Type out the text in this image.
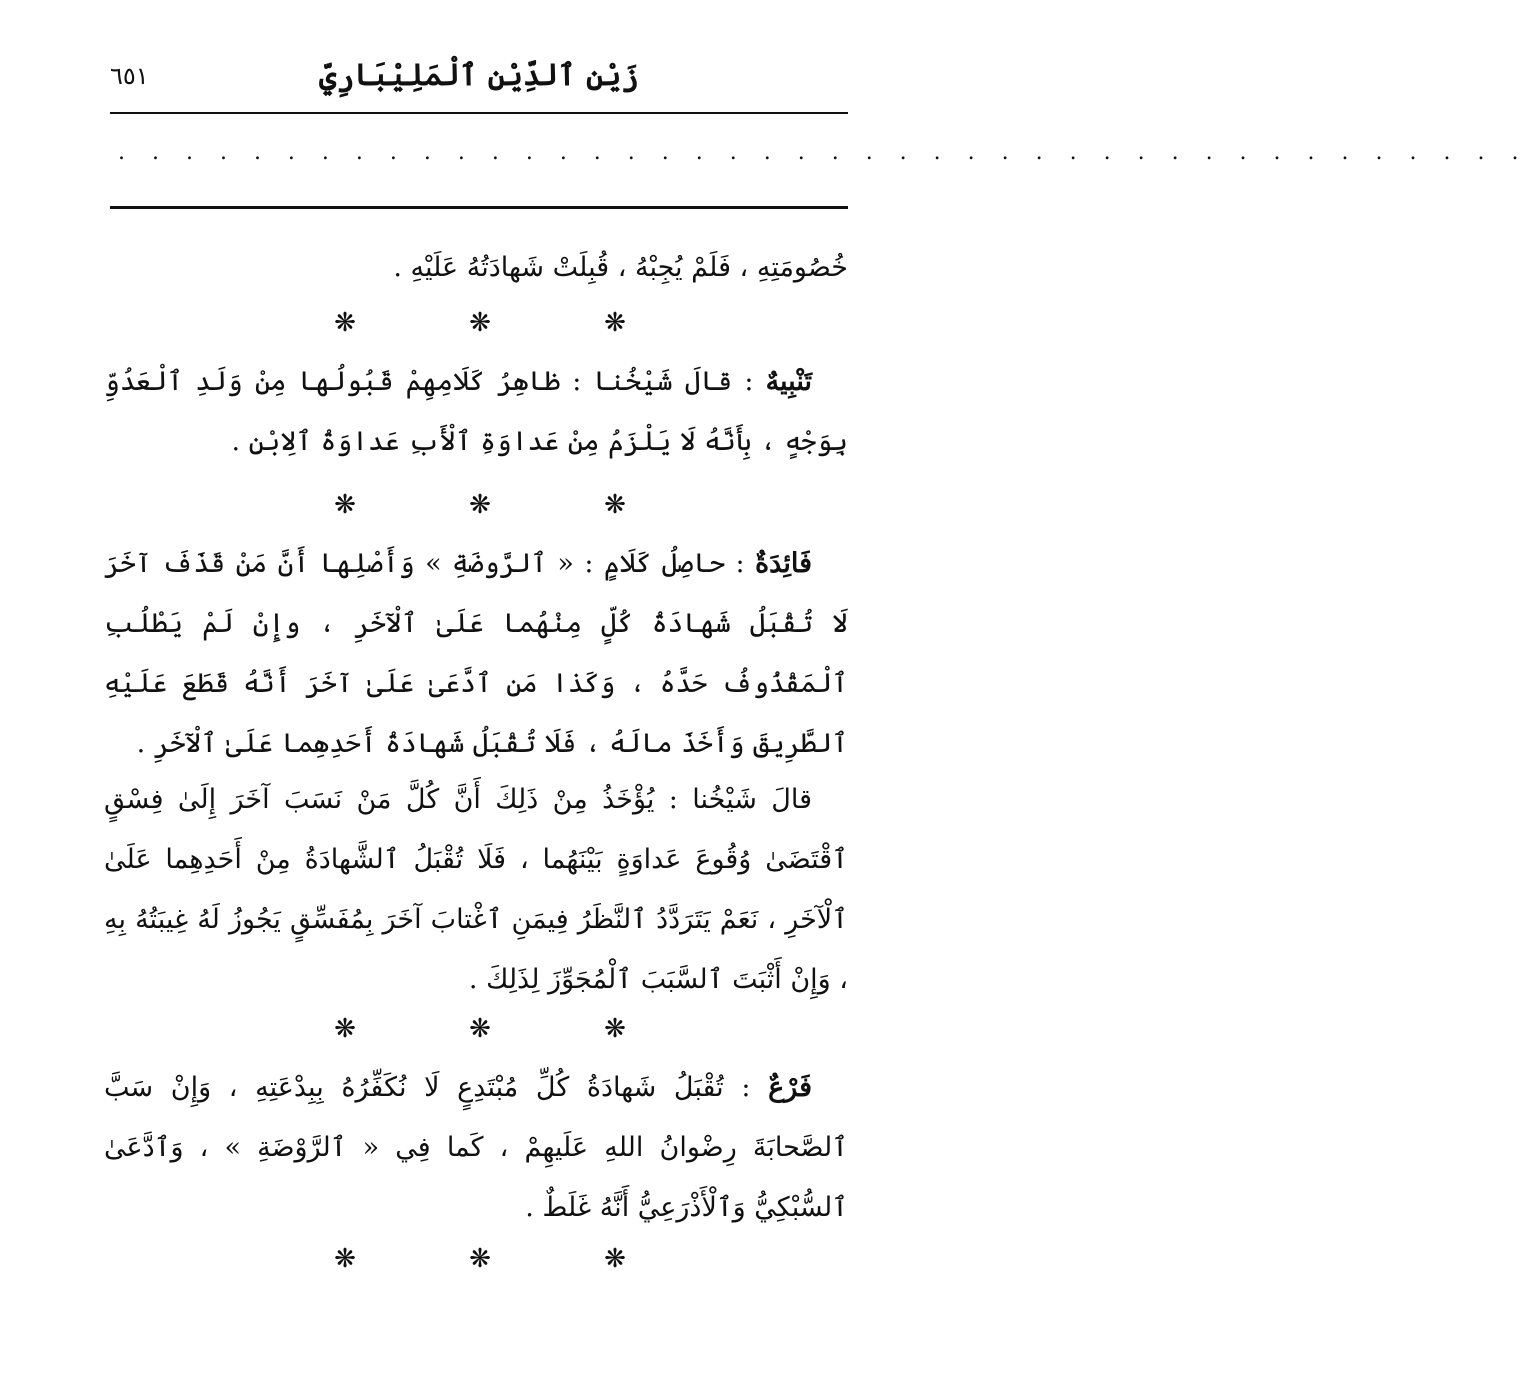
٦٥١	زَيْن ٱلدِّيْن ٱلْمَلِيْبَارِيِّ
. . . . . . . . . . . . . . . . . . . . . . . . . . . . . . . . . . . . . . . . . .

خُصُومَتِهِ ، فَلَمْ يُجِبْهُ ، قُبِلَتْ شَهادَتُهُ عَلَيْهِ .

❋	❋	❋

تَنْبِيهٌ : قالَ شَيْخُنا : ظاهِرُ كَلَامِهِمْ قَبُولُها مِنْ وَلَدِ ٱلْعَدُوِّ بِوَجْهٍ ، بِأَنَّهُ لَا يَلْزَمُ مِنْ عَداوَةِ ٱلْأَبِ عَداوَةُ ٱلِابْنِ .

❋	❋	❋

فَائِدَةٌ : حاصِلُ كَلَامٍ : « ٱلرَّوضَةِ » وَأَصْلِها أَنَّ مَنْ قَذَفَ آخَرَ لَا تُقْبَلُ شَهادَةُ كُلٍّ مِنْهُما عَلَىٰ ٱلْآخَرِ ، وإِنْ لَمْ يَطْلُبِ ٱلْمَقْذُوفُ حَدَّهُ ، وَكَذا مَنِ ٱدَّعَىٰ عَلَىٰ آخَرَ أَنَّهُ قَطَعَ عَلَيْهِ ٱلطَّرِيقَ وَأَخَذَ مالَهُ ، فَلَا تُقْبَلُ شَهادَةُ أَحَدِهِما عَلَىٰ ٱلْآخَرِ .

قالَ شَيْخُنا : يُؤْخَذُ مِنْ ذَلِكَ أَنَّ كُلَّ مَنْ نَسَبَ آخَرَ إِلَىٰ فِسْقٍ ٱقْتَضَىٰ وُقُوعَ عَداوَةٍ بَيْنَهُما ، فَلَا تُقْبَلُ ٱلشَّهادَةُ مِنْ أَحَدِهِما عَلَىٰ ٱلْآخَرِ ، نَعَمْ يَتَرَدَّدُ ٱلنَّظَرُ فِيمَنِ ٱغْتابَ آخَرَ بِمُفَسِّقٍ يَجُوزُ لَهُ غِيبَتُهُ بِهِ ، وَإِنْ أَثْبَتَ ٱلسَّبَبَ ٱلْمُجَوِّزَ لِذَلِكَ .

❋	❋	❋

فَرْعٌ : تُقْبَلُ شَهادَةُ كُلِّ مُبْتَدِعٍ لَا نُكَفِّرُهُ بِبِدْعَتِهِ ، وَإِنْ سَبَّ ٱلصَّحابَةَ رِضْوانُ اللهِ عَلَيهِمْ ، كَما فِي « ٱلرَّوْضَةِ » ، وَٱدَّعَىٰ ٱلسُّبْكِيُّ وَٱلْأَذْرَعِيُّ أَنَّهُ غَلَطٌ .

❋	❋	❋
